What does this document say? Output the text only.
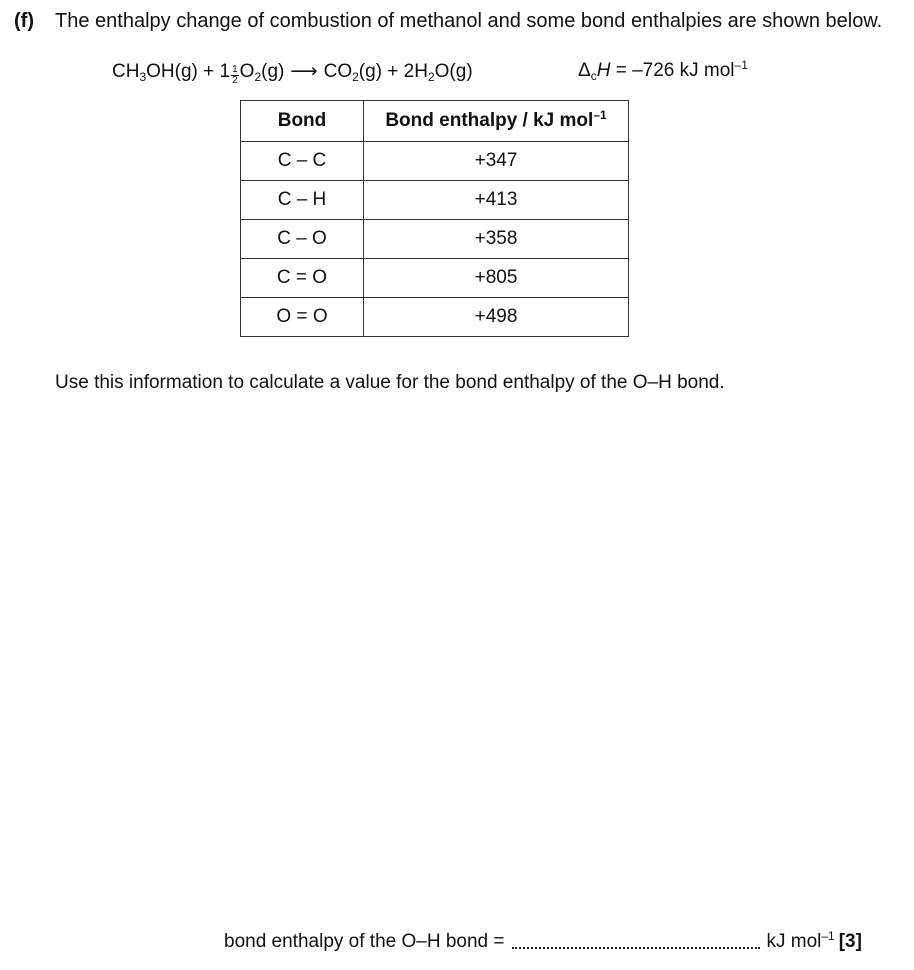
(f) The enthalpy change of combustion of methanol and some bond enthalpies are shown below.
$CH_3OH(g) + 1 \frac{1}{2} O_2(g)$ ⟶ $CO_2(g) + 2H_2O(g)$	$\Delta_cH = -726$ kJ mol$^{-1}$
Bond	Bond enthalpy / kJ mol$^{-1}$
C – C	+347
C – H	+413
C – O	+358
C = O	+805
O = O	+498
Use this information to calculate a value for the bond enthalpy of the O–H bond.
bond enthalpy of the O–H bond =	kJ mol$^{-1}$ [3]
